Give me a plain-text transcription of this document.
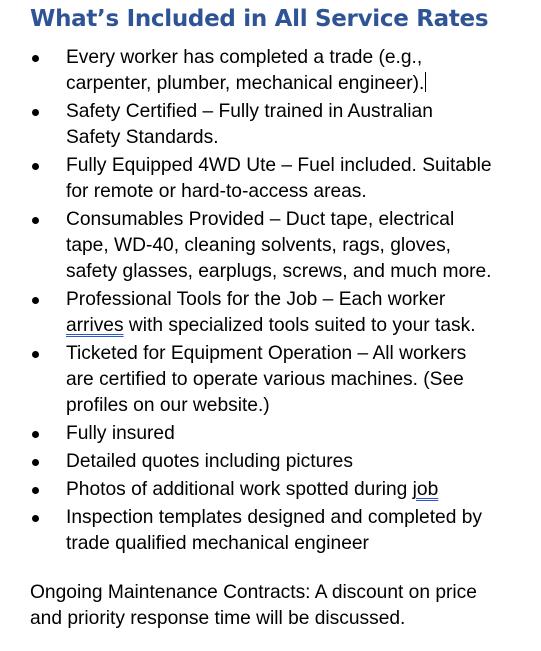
What’s Included in All Service Rates
Every worker has completed a trade (e.g.,
carpenter, plumber, mechanical engineer).
Safety Certified – Fully trained in Australian
Safety Standards.
Fully Equipped 4WD Ute – Fuel included. Suitable
for remote or hard-to-access areas.
Consumables Provided – Duct tape, electrical
tape, WD-40, cleaning solvents, rags, gloves,
safety glasses, earplugs, screws, and much more.
Professional Tools for the Job – Each worker
arrives with specialized tools suited to your task.
Ticketed for Equipment Operation – All workers
are certified to operate various machines. (See
profiles on our website.)
Fully insured
Detailed quotes including pictures
Photos of additional work spotted during job
Inspection templates designed and completed by
trade qualified mechanical engineer

Ongoing Maintenance Contracts: A discount on price
and priority response time will be discussed.
